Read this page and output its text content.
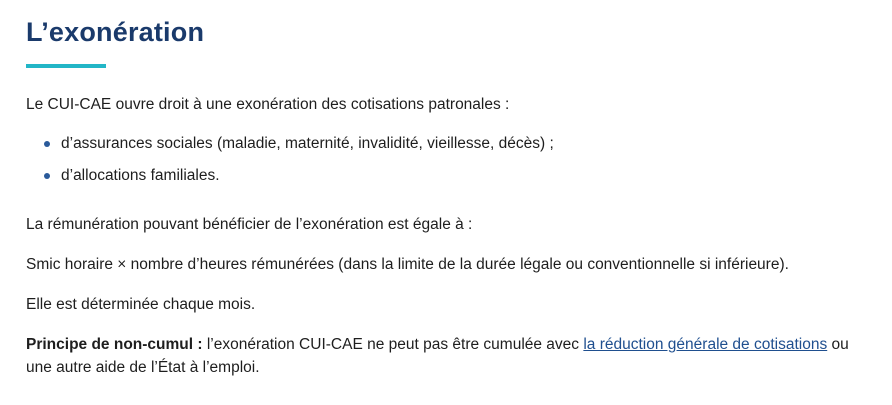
L’exonération

Le CUI-CAE ouvre droit à une exonération des cotisations patronales :

d’assurances sociales (maladie, maternité, invalidité, vieillesse, décès) ;
d’allocations familiales.

La rémunération pouvant bénéficier de l’exonération est égale à :

Smic horaire × nombre d’heures rémunérées (dans la limite de la durée légale ou conventionnelle si inférieure).

Elle est déterminée chaque mois.

Principe de non-cumul : l’exonération CUI-CAE ne peut pas être cumulée avec la réduction générale de cotisations ou une autre aide de l’État à l’emploi.
